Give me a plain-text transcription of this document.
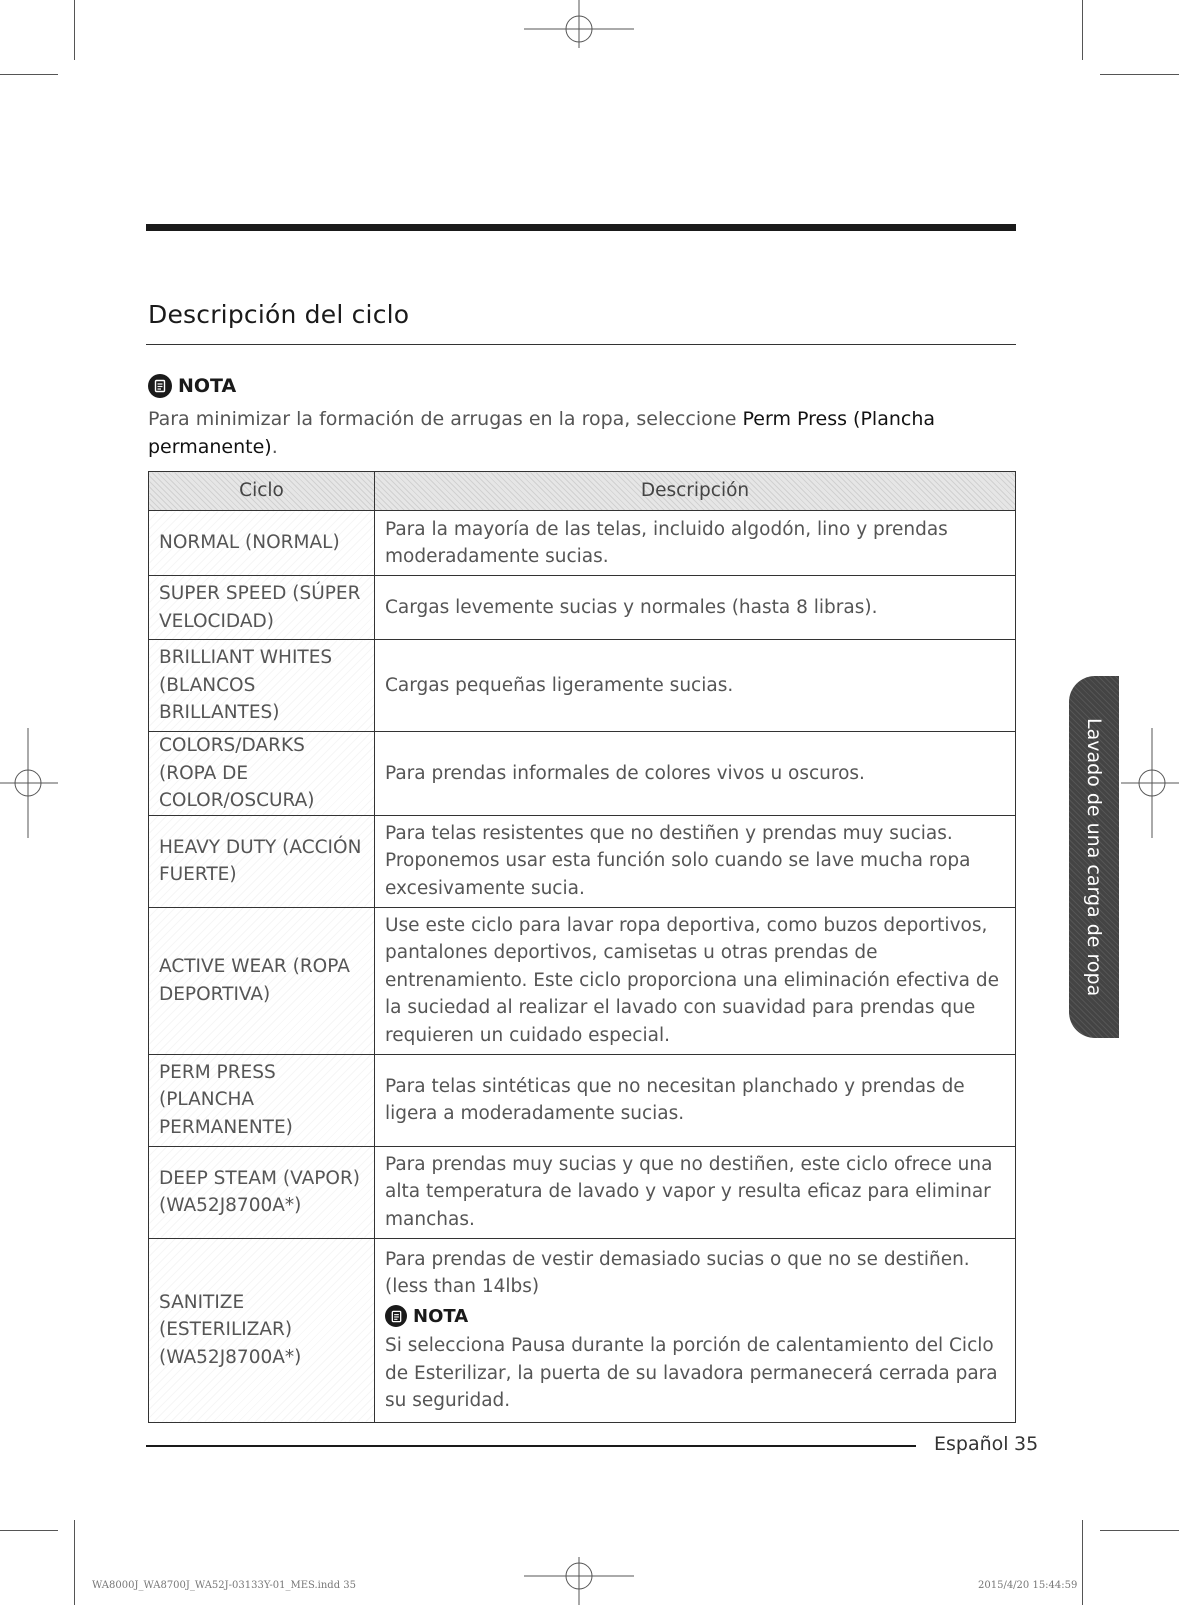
Descripción del ciclo
NOTA

Para minimizar la formación de arrugas en la ropa, seleccione Perm Press (Plancha permanente).

Ciclo	Descripción
NORMAL (NORMAL)	Para la mayoría de las telas, incluido algodón, lino y prendas moderadamente sucias.
SUPER SPEED (SÚPER VELOCIDAD)	Cargas levemente sucias y normales (hasta 8 libras).
BRILLIANT WHITES (BLANCOS BRILLANTES)	Cargas pequeñas ligeramente sucias.
COLORS/DARKS (ROPA DE COLOR/OSCURA)	Para prendas informales de colores vivos u oscuros.
HEAVY DUTY (ACCIÓN FUERTE)	Para telas resistentes que no destiñen y prendas muy sucias. Proponemos usar esta función solo cuando se lave mucha ropa excesivamente sucia.
ACTIVE WEAR (ROPA DEPORTIVA)	Use este ciclo para lavar ropa deportiva, como buzos deportivos, pantalones deportivos, camisetas u otras prendas de entrenamiento. Este ciclo proporciona una eliminación efectiva de la suciedad al realizar el lavado con suavidad para prendas que requieren un cuidado especial.
PERM PRESS (PLANCHA PERMANENTE)	Para telas sintéticas que no necesitan planchado y prendas de ligera a moderadamente sucias.
DEEP STEAM (VAPOR) (WA52J8700A*)	Para prendas muy sucias y que no destiñen, este ciclo ofrece una alta temperatura de lavado y vapor y resulta eficaz para eliminar manchas.
SANITIZE (ESTERILIZAR) (WA52J8700A*)	Para prendas de vestir demasiado sucias o que no se destiñen. (less than 14lbs)
NOTA
Si selecciona Pausa durante la porción de calentamiento del Ciclo de Esterilizar, la puerta de su lavadora permanecerá cerrada para su seguridad.
Lavado de una carga de ropa
Español 35
WA8000J_WA8700J_WA52J-03133Y-01_MES.indd 35	2015/4/20 15:44:59
